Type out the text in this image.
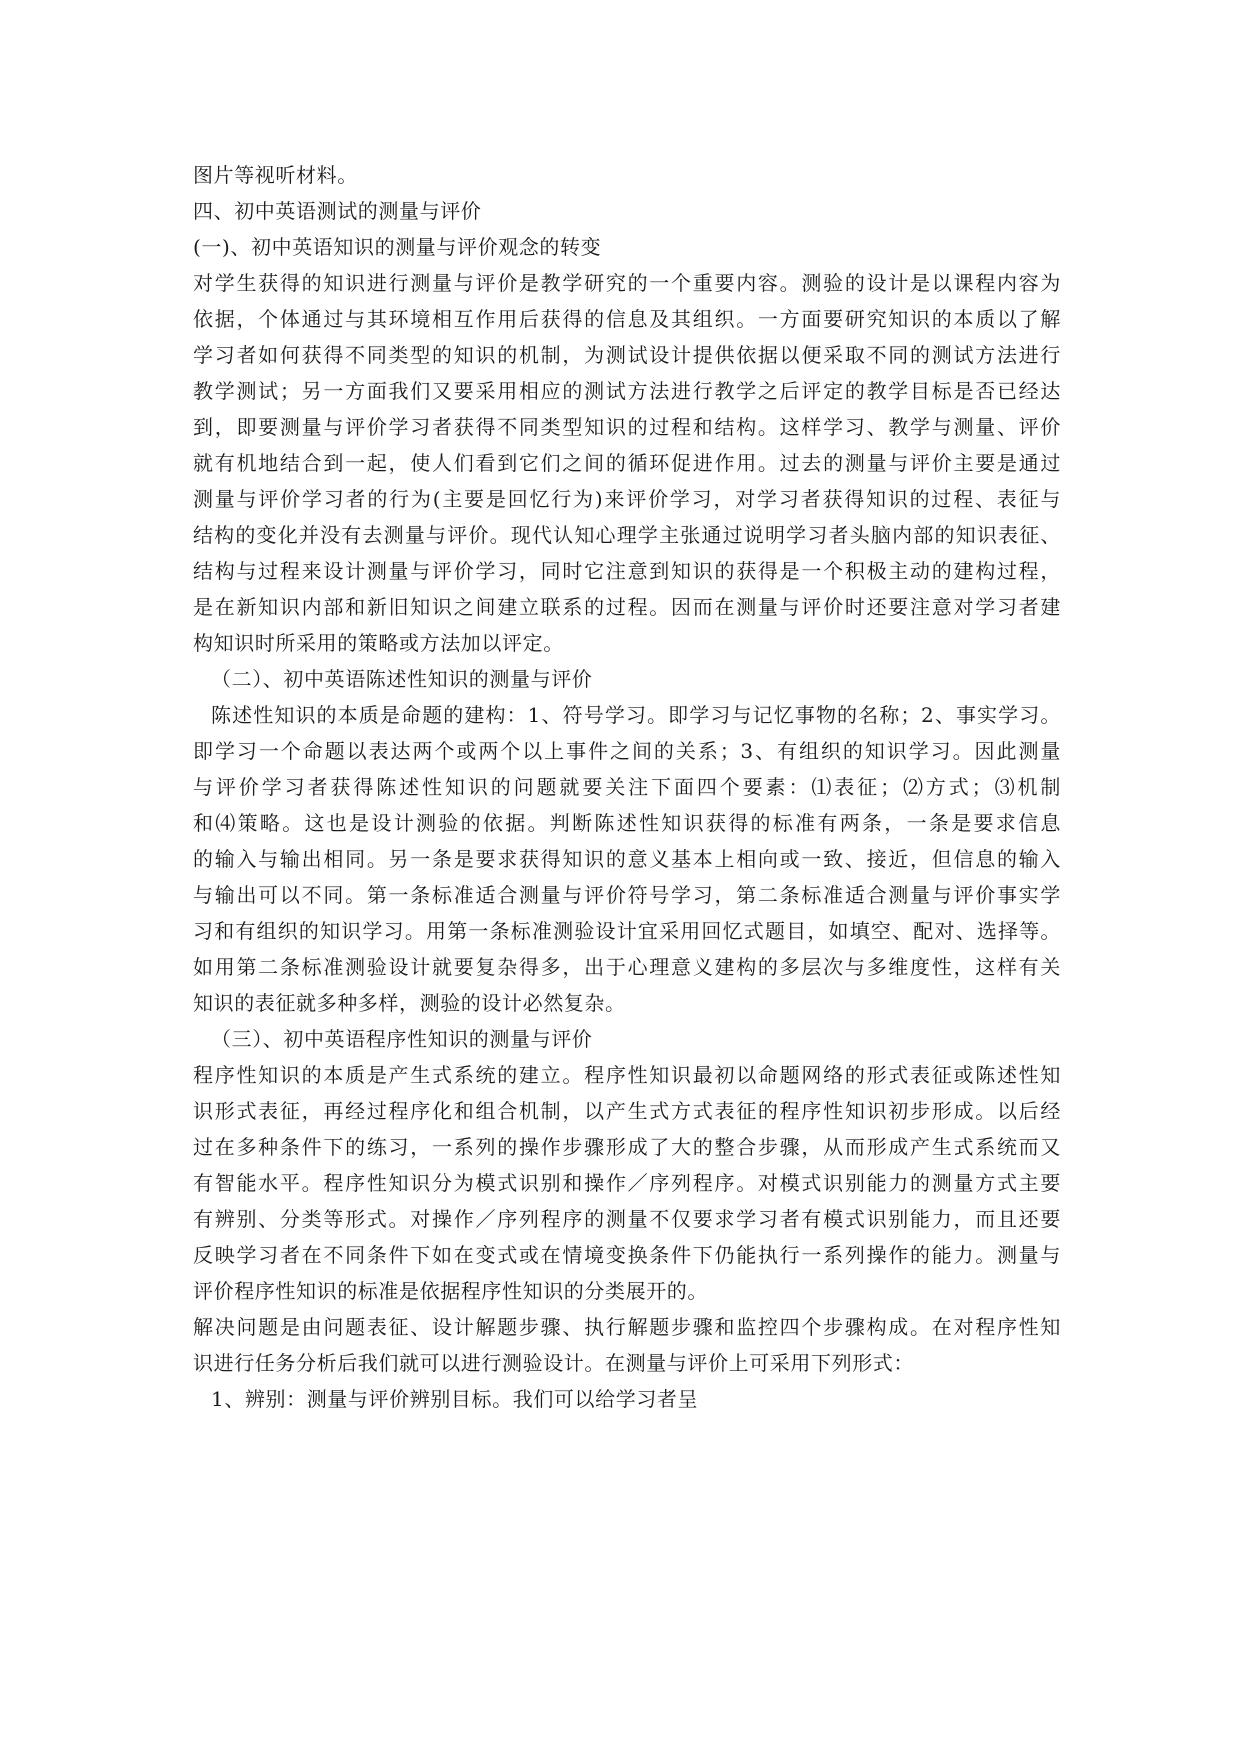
图片等视听材料。
四、初中英语测试的测量与评价
(一)、初中英语知识的测量与评价观念的转变
对学生获得的知识进行测量与评价是教学研究的一个重要内容。测验的设计是以课程内容为
依据，个体通过与其环境相互作用后获得的信息及其组织。一方面要研究知识的本质以了解
学习者如何获得不同类型的知识的机制，为测试设计提供依据以便采取不同的测试方法进行
教学测试；另一方面我们又要采用相应的测试方法进行教学之后评定的教学目标是否已经达
到，即要测量与评价学习者获得不同类型知识的过程和结构。这样学习、教学与测量、评价
就有机地结合到一起，使人们看到它们之间的循环促进作用。过去的测量与评价主要是通过
测量与评价学习者的行为(主要是回忆行为)来评价学习，对学习者获得知识的过程、表征与
结构的变化并没有去测量与评价。现代认知心理学主张通过说明学习者头脑内部的知识表征、
结构与过程来设计测量与评价学习，同时它注意到知识的获得是一个积极主动的建构过程，
是在新知识内部和新旧知识之间建立联系的过程。因而在测量与评价时还要注意对学习者建
构知识时所采用的策略或方法加以评定。
（二）、初中英语陈述性知识的测量与评价
陈述性知识的本质是命题的建构：1、符号学习。即学习与记忆事物的名称；2、事实学习。
即学习一个命题以表达两个或两个以上事件之间的关系；3、有组织的知识学习。因此测量
与评价学习者获得陈述性知识的问题就要关注下面四个要素：⑴表征；⑵方式；⑶机制
和⑷策略。这也是设计测验的依据。判断陈述性知识获得的标准有两条，一条是要求信息
的输入与输出相同。另一条是要求获得知识的意义基本上相向或一致、接近，但信息的输入
与输出可以不同。第一条标准适合测量与评价符号学习，第二条标准适合测量与评价事实学
习和有组织的知识学习。用第一条标准测验设计宜采用回忆式题目，如填空、配对、选择等。
如用第二条标准测验设计就要复杂得多，出于心理意义建构的多层次与多维度性，这样有关
知识的表征就多种多样，测验的设计必然复杂。
（三）、初中英语程序性知识的测量与评价
程序性知识的本质是产生式系统的建立。程序性知识最初以命题网络的形式表征或陈述性知
识形式表征，再经过程序化和组合机制，以产生式方式表征的程序性知识初步形成。以后经
过在多种条件下的练习，一系列的操作步骤形成了大的整合步骤，从而形成产生式系统而又
有智能水平。程序性知识分为模式识别和操作／序列程序。对模式识别能力的测量方式主要
有辨别、分类等形式。对操作／序列程序的测量不仅要求学习者有模式识别能力，而且还要
反映学习者在不同条件下如在变式或在情境变换条件下仍能执行一系列操作的能力。测量与
评价程序性知识的标准是依据程序性知识的分类展开的。
解决问题是由问题表征、设计解题步骤、执行解题步骤和监控四个步骤构成。在对程序性知
识进行任务分析后我们就可以进行测验设计。在测量与评价上可采用下列形式：
1、辨别：测量与评价辨别目标。我们可以给学习者呈
